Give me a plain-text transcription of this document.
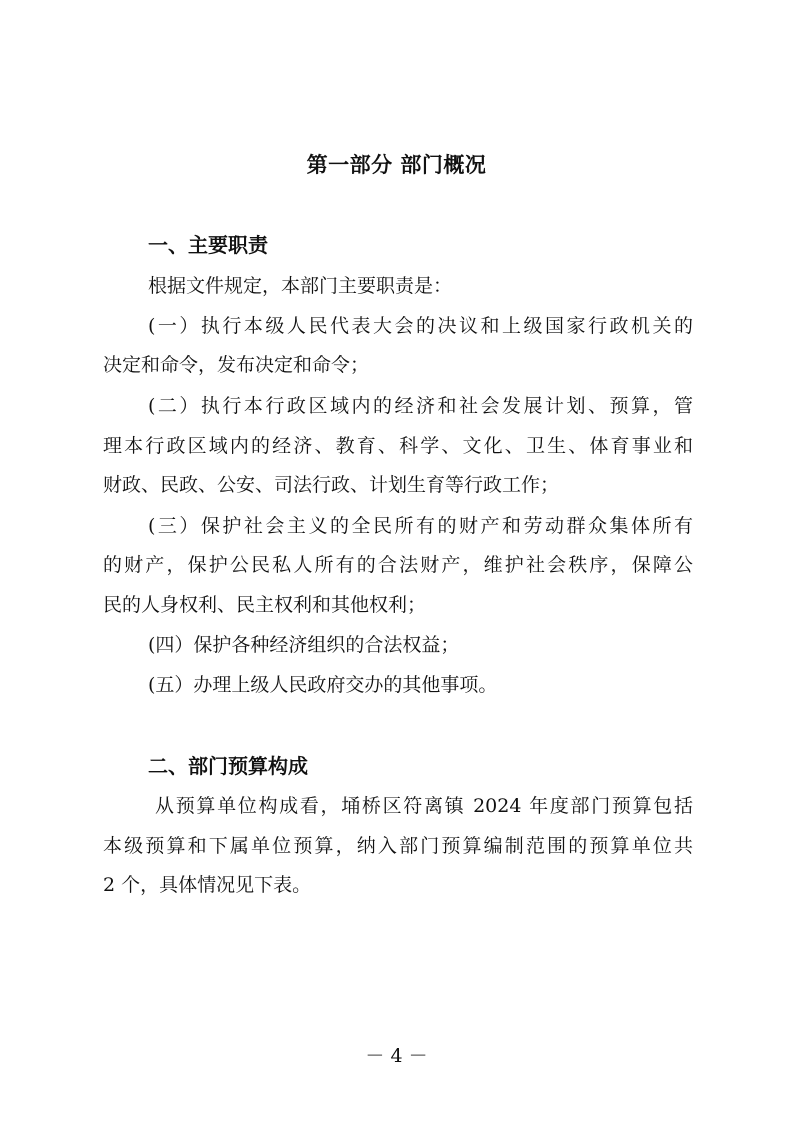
第一部分 部门概况
一、主要职责
根据文件规定，本部门主要职责是：
(一）执行本级人民代表大会的决议和上级国家行政机关的
决定和命令，发布决定和命令；
(二）执行本行政区域内的经济和社会发展计划、预算，管
理本行政区域内的经济、教育、科学、文化、卫生、体育事业和
财政、民政、公安、司法行政、计划生育等行政工作；
(三）保护社会主义的全民所有的财产和劳动群众集体所有
的财产，保护公民私人所有的合法财产，维护社会秩序，保障公
民的人身权利、民主权利和其他权利；
(四）保护各种经济组织的合法权益；
(五）办理上级人民政府交办的其他事项。
二、部门预算构成
从预算单位构成看，埇桥区符离镇 2024 年度部门预算包括
本级预算和下属单位预算，纳入部门预算编制范围的预算单位共
2 个，具体情况见下表。
－ 4 －
